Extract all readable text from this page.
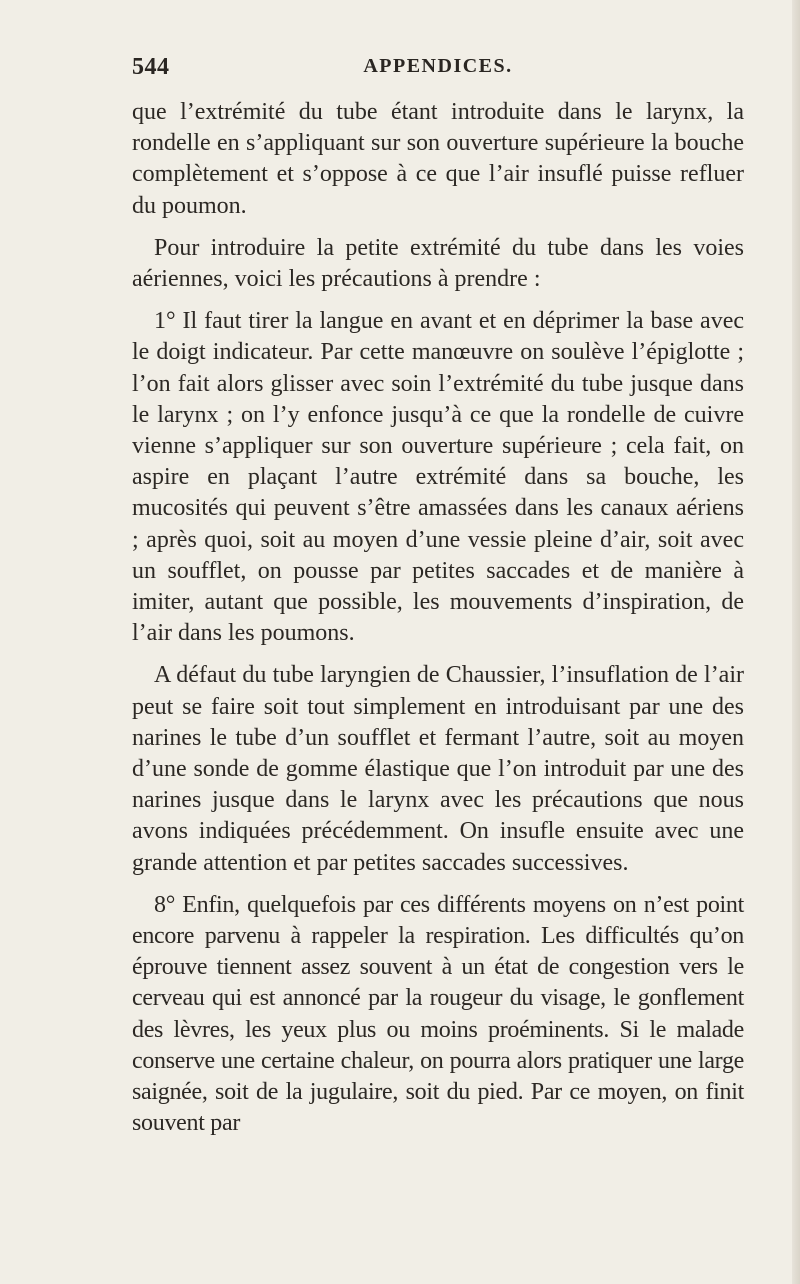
544	APPENDICES.

que l’extrémité du tube étant introduite dans le larynx, la rondelle en s’appliquant sur son ouverture supérieure la bouche complètement et s’oppose à ce que l’air insuflé puisse refluer du poumon.

Pour introduire la petite extrémité du tube dans les voies aériennes, voici les précautions à prendre :

1° Il faut tirer la langue en avant et en déprimer la base avec le doigt indicateur. Par cette manœuvre on soulève l’épiglotte ; l’on fait alors glisser avec soin l’extrémité du tube jusque dans le larynx ; on l’y enfonce jusqu’à ce que la rondelle de cuivre vienne s’appliquer sur son ouverture supérieure ; cela fait, on aspire en plaçant l’autre extrémité dans sa bouche, les mucosités qui peuvent s’être amassées dans les canaux aériens ; après quoi, soit au moyen d’une vessie pleine d’air, soit avec un soufflet, on pousse par petites saccades et de manière à imiter, autant que possible, les mouvements d’inspiration, de l’air dans les poumons.

A défaut du tube laryngien de Chaussier, l’insuflation de l’air peut se faire soit tout simplement en introduisant par une des narines le tube d’un soufflet et fermant l’autre, soit au moyen d’une sonde de gomme élastique que l’on introduit par une des narines jusque dans le larynx avec les précautions que nous avons indiquées précédemment. On insufle ensuite avec une grande attention et par petites saccades successives.

8° Enfin, quelquefois par ces différents moyens on n’est point encore parvenu à rappeler la respiration. Les difficultés qu’on éprouve tiennent assez souvent à un état de congestion vers le cerveau qui est annoncé par la rougeur du visage, le gonflement des lèvres, les yeux plus ou moins proéminents. Si le malade conserve une certaine chaleur, on pourra alors pratiquer une large saignée, soit de la jugulaire, soit du pied. Par ce moyen, on finit souvent par
